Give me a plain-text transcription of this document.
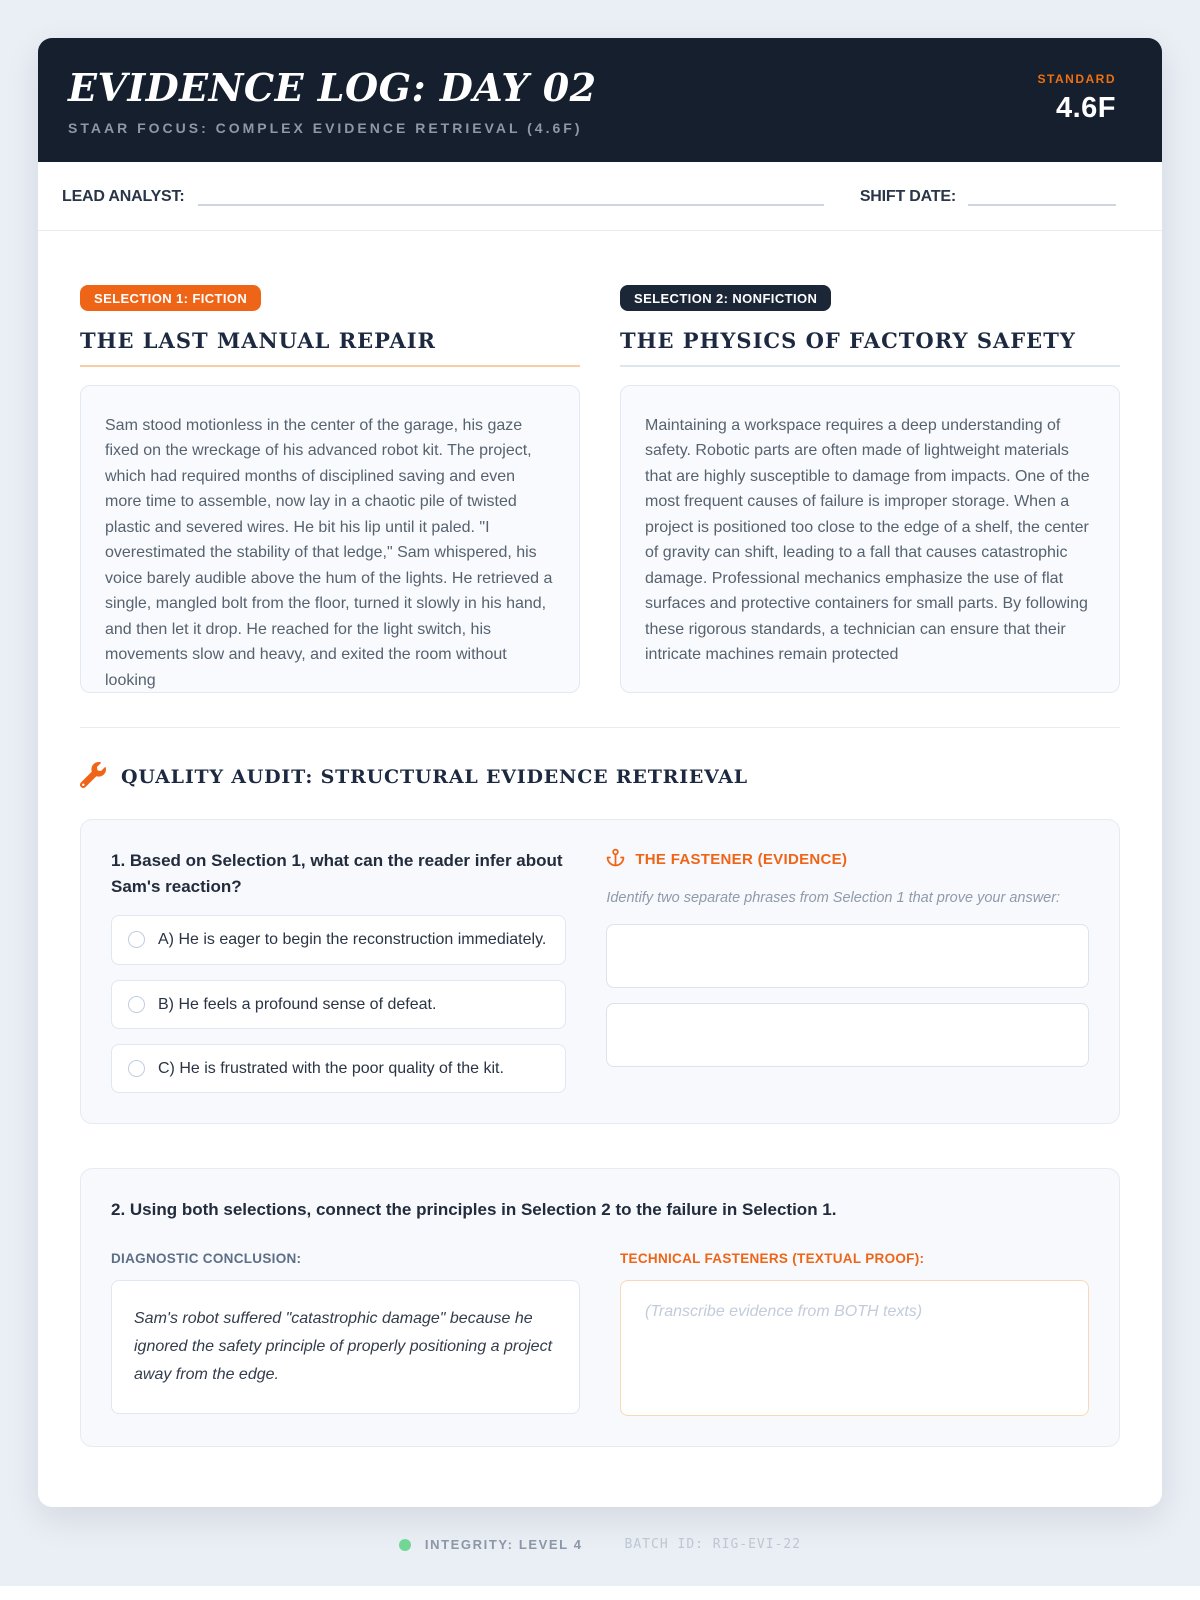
EVIDENCE LOG: DAY 02
STAAR FOCUS: COMPLEX EVIDENCE RETRIEVAL (4.6F)
STANDARD
4.6F
LEAD ANALYST:	SHIFT DATE:
SELECTION 1: FICTION
THE LAST MANUAL REPAIR
Sam stood motionless in the center of the garage, his gaze fixed on the wreckage of his advanced robot kit. The project, which had required months of disciplined saving and even more time to assemble, now lay in a chaotic pile of twisted plastic and severed wires. He bit his lip until it paled. "I overestimated the stability of that ledge," Sam whispered, his voice barely audible above the hum of the lights. He retrieved a single, mangled bolt from the floor, turned it slowly in his hand, and then let it drop. He reached for the light switch, his movements slow and heavy, and exited the room without looking
SELECTION 2: NONFICTION
THE PHYSICS OF FACTORY SAFETY
Maintaining a workspace requires a deep understanding of safety. Robotic parts are often made of lightweight materials that are highly susceptible to damage from impacts. One of the most frequent causes of failure is improper storage. When a project is positioned too close to the edge of a shelf, the center of gravity can shift, leading to a fall that causes catastrophic damage. Professional mechanics emphasize the use of flat surfaces and protective containers for small parts. By following these rigorous standards, a technician can ensure that their intricate machines remain protected
QUALITY AUDIT: STRUCTURAL EVIDENCE RETRIEVAL
1. Based on Selection 1, what can the reader infer about Sam's reaction?
A) He is eager to begin the reconstruction immediately.
B) He feels a profound sense of defeat.
C) He is frustrated with the poor quality of the kit.
THE FASTENER (EVIDENCE)
Identify two separate phrases from Selection 1 that prove your answer:
2. Using both selections, connect the principles in Selection 2 to the failure in Selection 1.
DIAGNOSTIC CONCLUSION:
Sam's robot suffered "catastrophic damage" because he ignored the safety principle of properly positioning a project away from the edge.
TECHNICAL FASTENERS (TEXTUAL PROOF):
(Transcribe evidence from BOTH texts)
INTEGRITY: LEVEL 4	BATCH ID: RIG-EVI-22
